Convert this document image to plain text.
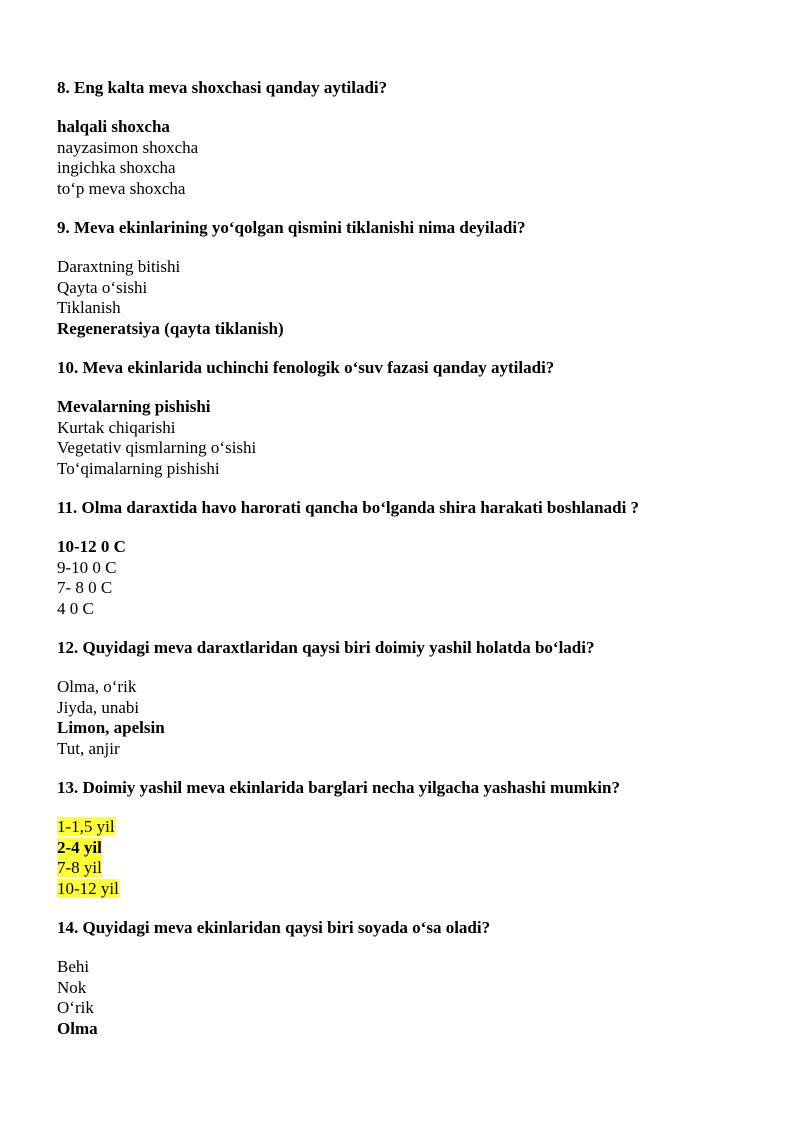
8. Eng kalta meva shoxchasi qanday aytiladi?

halqali shoxcha
nayzasimon shoxcha
ingichka shoxcha
to‘p meva shoxcha

9. Meva ekinlarining yo‘qolgan qismini tiklanishi nima deyiladi?

Daraxtning bitishi
Qayta o‘sishi
Tiklanish
Regeneratsiya (qayta tiklanish)

10. Meva ekinlarida uchinchi fenologik o‘suv fazasi qanday aytiladi?

Mevalarning pishishi
Kurtak chiqarishi
Vegetativ qismlarning o‘sishi
To‘qimalarning pishishi

11. Olma daraxtida havo harorati qancha bo‘lganda shira harakati boshlanadi ?

10-12 0 C
9-10 0 C
7- 8 0 C
4 0 C

12. Quyidagi meva daraxtlaridan qaysi biri doimiy yashil holatda bo‘ladi?

Olma, o‘rik
Jiyda, unabi
Limon, apelsin
Tut, anjir

13. Doimiy yashil meva ekinlarida barglari necha yilgacha yashashi mumkin?

1-1,5 yil
2-4 yil
7-8 yil
10-12 yil

14. Quyidagi meva ekinlaridan qaysi biri soyada o‘sa oladi?

Behi
Nok
O‘rik
Olma
